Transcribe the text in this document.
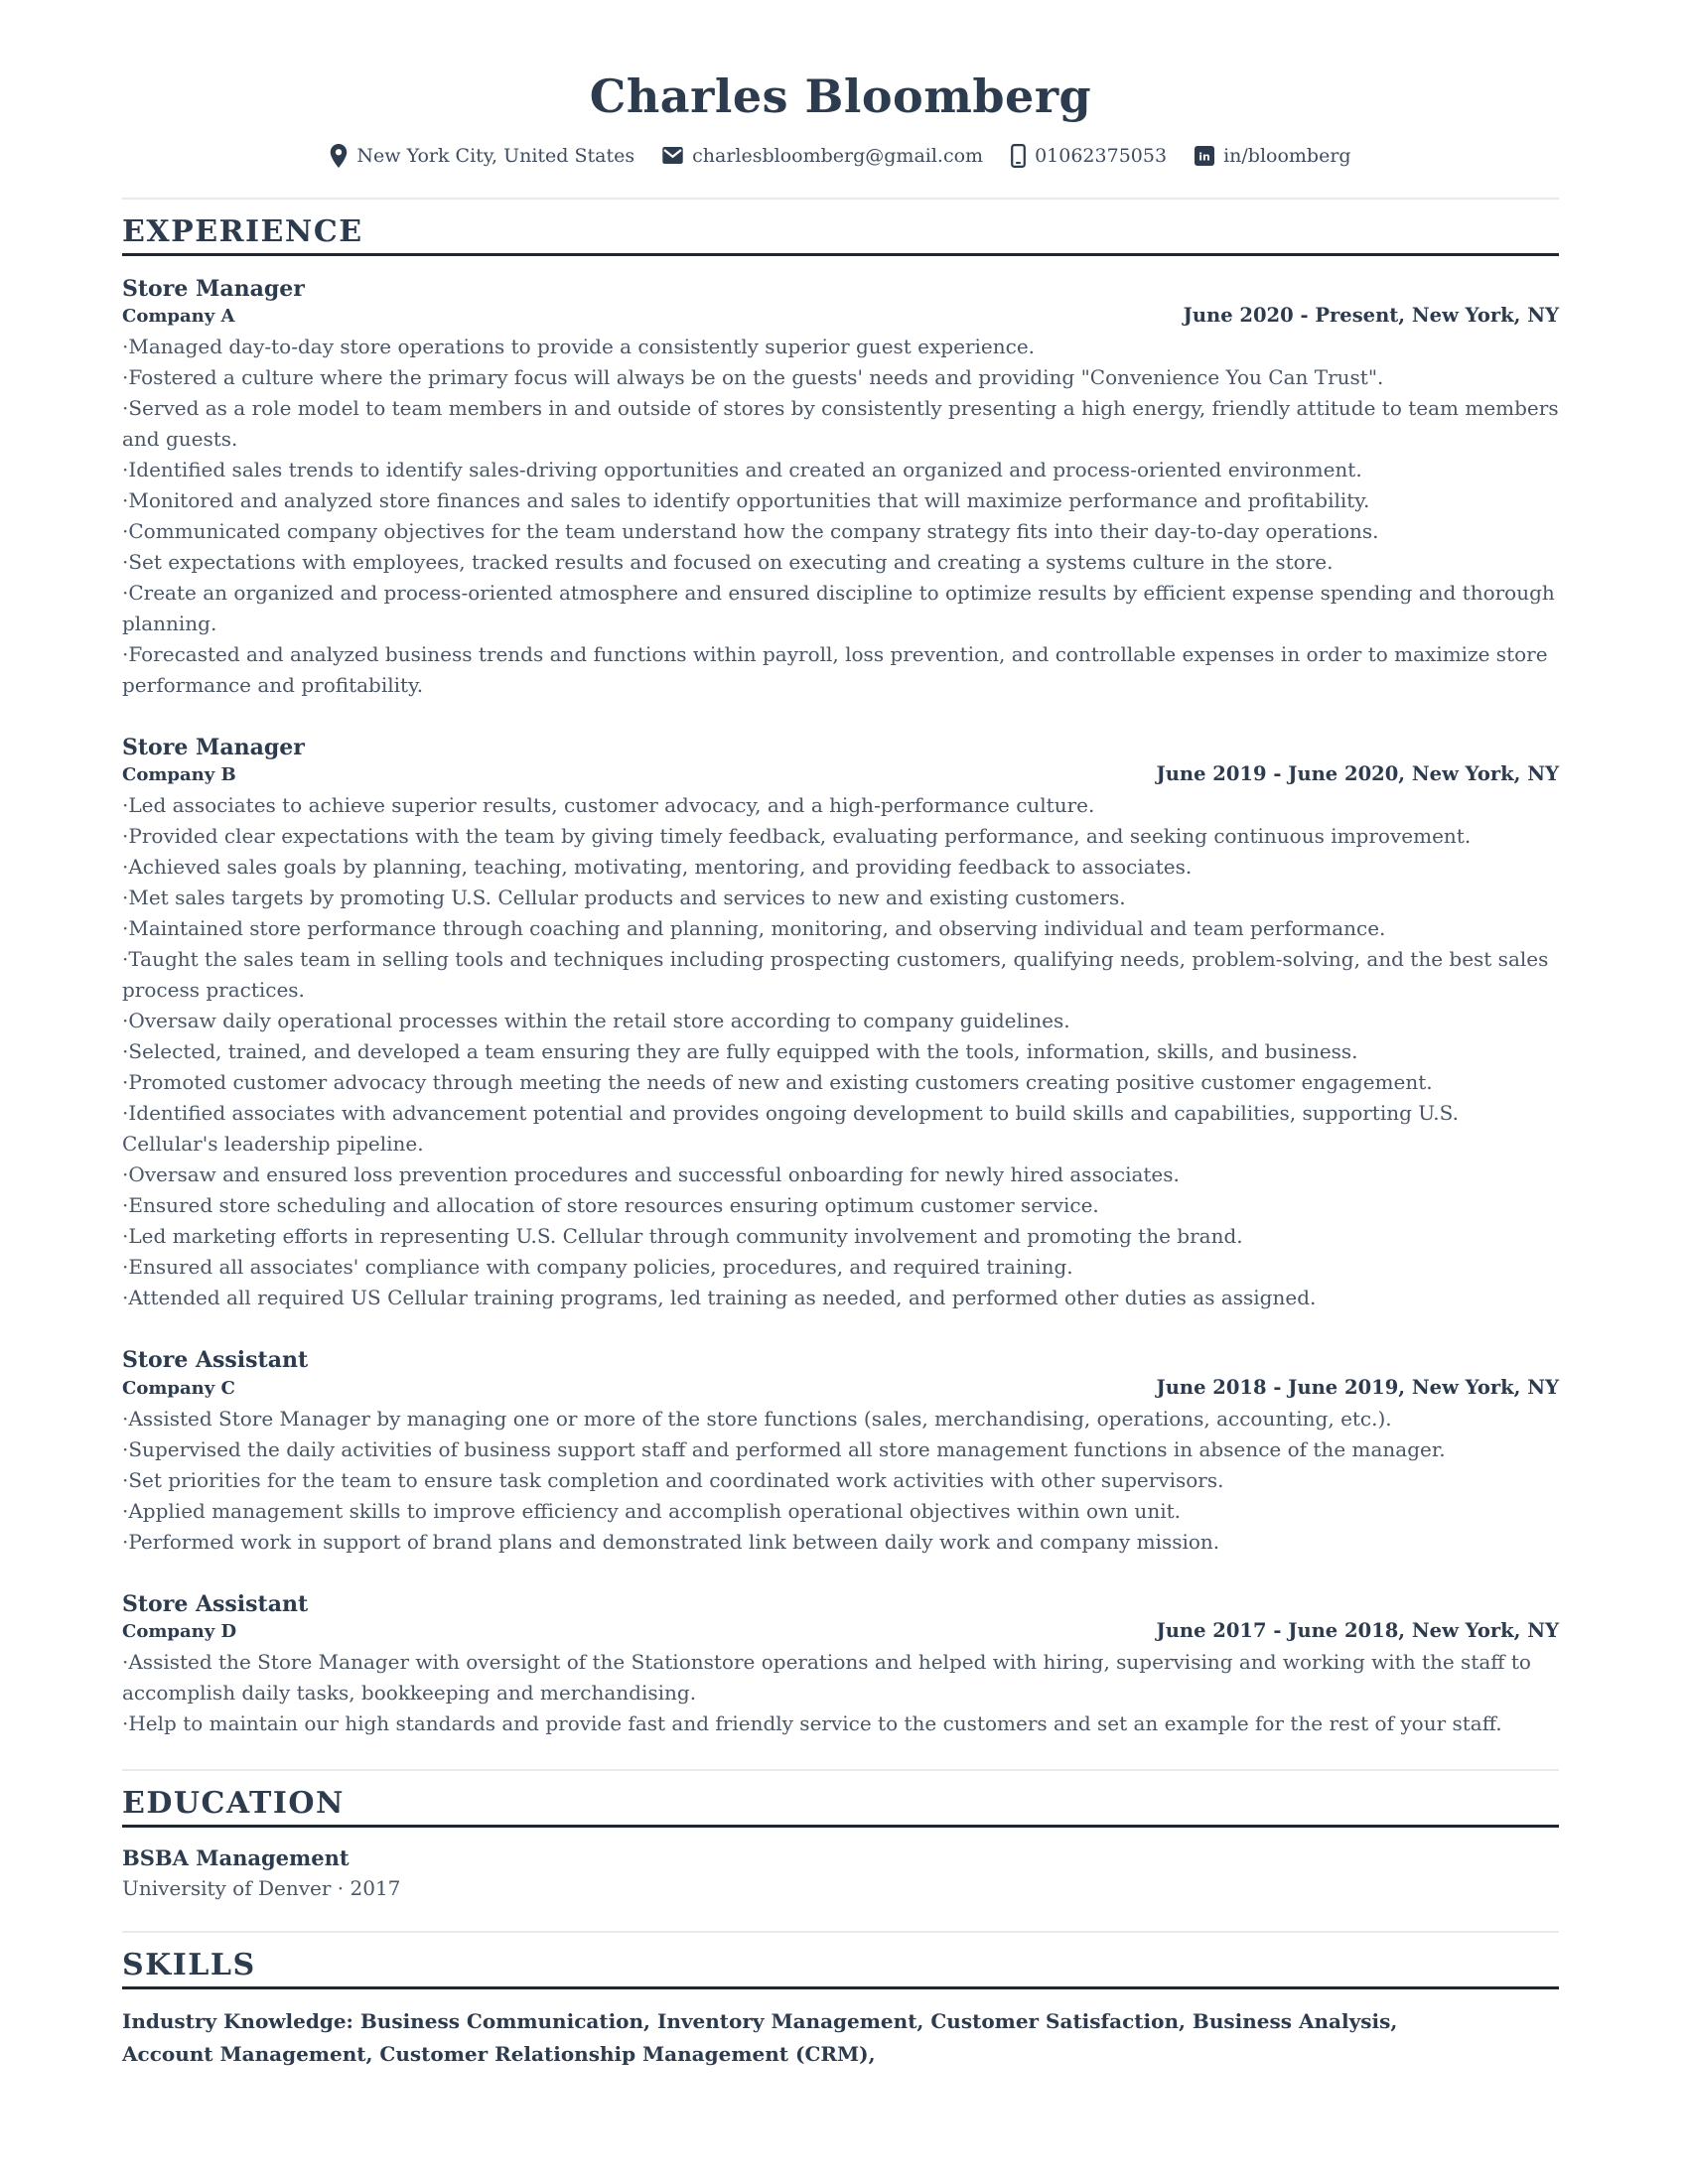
Charles Bloomberg
New York City, United States	charlesbloomberg@gmail.com	01062375053	in in/bloomberg
EXPERIENCE
Store Manager
Company A	June 2020 - Present, New York, NY

· Managed day-to-day store operations to provide a consistently superior guest experience.

· Fostered a culture where the primary focus will always be on the guests' needs and providing "Convenience You Can Trust".

· Served as a role model to team members in and outside of stores by consistently presenting a high energy, friendly attitude to team members and guests.

· Identified sales trends to identify sales-driving opportunities and created an organized and process-oriented environment.

· Monitored and analyzed store finances and sales to identify opportunities that will maximize performance and profitability.

· Communicated company objectives for the team understand how the company strategy fits into their day-to-day operations.

· Set expectations with employees, tracked results and focused on executing and creating a systems culture in the store.

· Create an organized and process-oriented atmosphere and ensured discipline to optimize results by efficient expense spending and thorough planning.

· Forecasted and analyzed business trends and functions within payroll, loss prevention, and controllable expenses in order to maximize store performance and profitability.

Store Manager
Company B	June 2019 - June 2020, New York, NY

· Led associates to achieve superior results, customer advocacy, and a high-performance culture.

· Provided clear expectations with the team by giving timely feedback, evaluating performance, and seeking continuous improvement.

· Achieved sales goals by planning, teaching, motivating, mentoring, and providing feedback to associates.

· Met sales targets by promoting U.S. Cellular products and services to new and existing customers.

· Maintained store performance through coaching and planning, monitoring, and observing individual and team performance.

· Taught the sales team in selling tools and techniques including prospecting customers, qualifying needs, problem-solving, and the best sales process practices.

· Oversaw daily operational processes within the retail store according to company guidelines.

· Selected, trained, and developed a team ensuring they are fully equipped with the tools, information, skills, and business.

· Promoted customer advocacy through meeting the needs of new and existing customers creating positive customer engagement.

· Identified associates with advancement potential and provides ongoing development to build skills and capabilities, supporting U.S. Cellular's leadership pipeline.

· Oversaw and ensured loss prevention procedures and successful onboarding for newly hired associates.

· Ensured store scheduling and allocation of store resources ensuring optimum customer service.

· Led marketing efforts in representing U.S. Cellular through community involvement and promoting the brand.

· Ensured all associates' compliance with company policies, procedures, and required training.

· Attended all required US Cellular training programs, led training as needed, and performed other duties as assigned.

Store Assistant
Company C	June 2018 - June 2019, New York, NY

· Assisted Store Manager by managing one or more of the store functions (sales, merchandising, operations, accounting, etc.).

· Supervised the daily activities of business support staff and performed all store management functions in absence of the manager.

· Set priorities for the team to ensure task completion and coordinated work activities with other supervisors.

· Applied management skills to improve efficiency and accomplish operational objectives within own unit.

· Performed work in support of brand plans and demonstrated link between daily work and company mission.

Store Assistant
Company D	June 2017 - June 2018, New York, NY

· Assisted the Store Manager with oversight of the Stationstore operations and helped with hiring, supervising and working with the staff to accomplish daily tasks, bookkeeping and merchandising.

· Help to maintain our high standards and provide fast and friendly service to the customers and set an example for the rest of your staff.

EDUCATION
BSBA Management
University of Denver · 2017
SKILLS
Industry Knowledge: Business Communication, Inventory Management, Customer Satisfaction, Business Analysis, Account Management, Customer Relationship Management (CRM),
